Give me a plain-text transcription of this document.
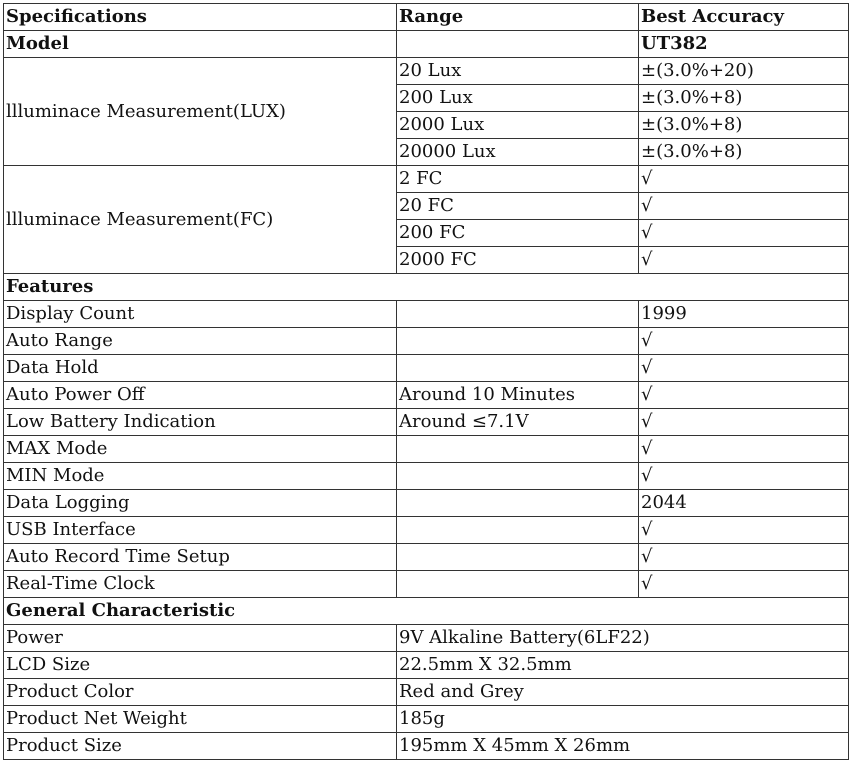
Specifications	Range	Best Accuracy
Model		UT382
llluminace Measurement(LUX)	20 Lux	±(3.0%+20)
	200 Lux	±(3.0%+8)
	2000 Lux	±(3.0%+8)
	20000 Lux	±(3.0%+8)
llluminace Measurement(FC)	2 FC	√
	20 FC	√
	200 FC	√
	2000 FC	√
Features		
Display Count		1999
Auto Range		√
Data Hold		√
Auto Power Off	Around 10 Minutes	√
Low Battery Indication	Around ≤7.1V	√
MAX Mode		√
MIN Mode		√
Data Logging		2044
USB Interface		√
Auto Record Time Setup		√
Real-Time Clock		√
General Characteristic		
Power	9V Alkaline Battery(6LF22)	
LCD Size	22.5mm X 32.5mm	
Product Color	Red and Grey	
Product Net Weight	185g	
Product Size	195mm X 45mm X 26mm	
